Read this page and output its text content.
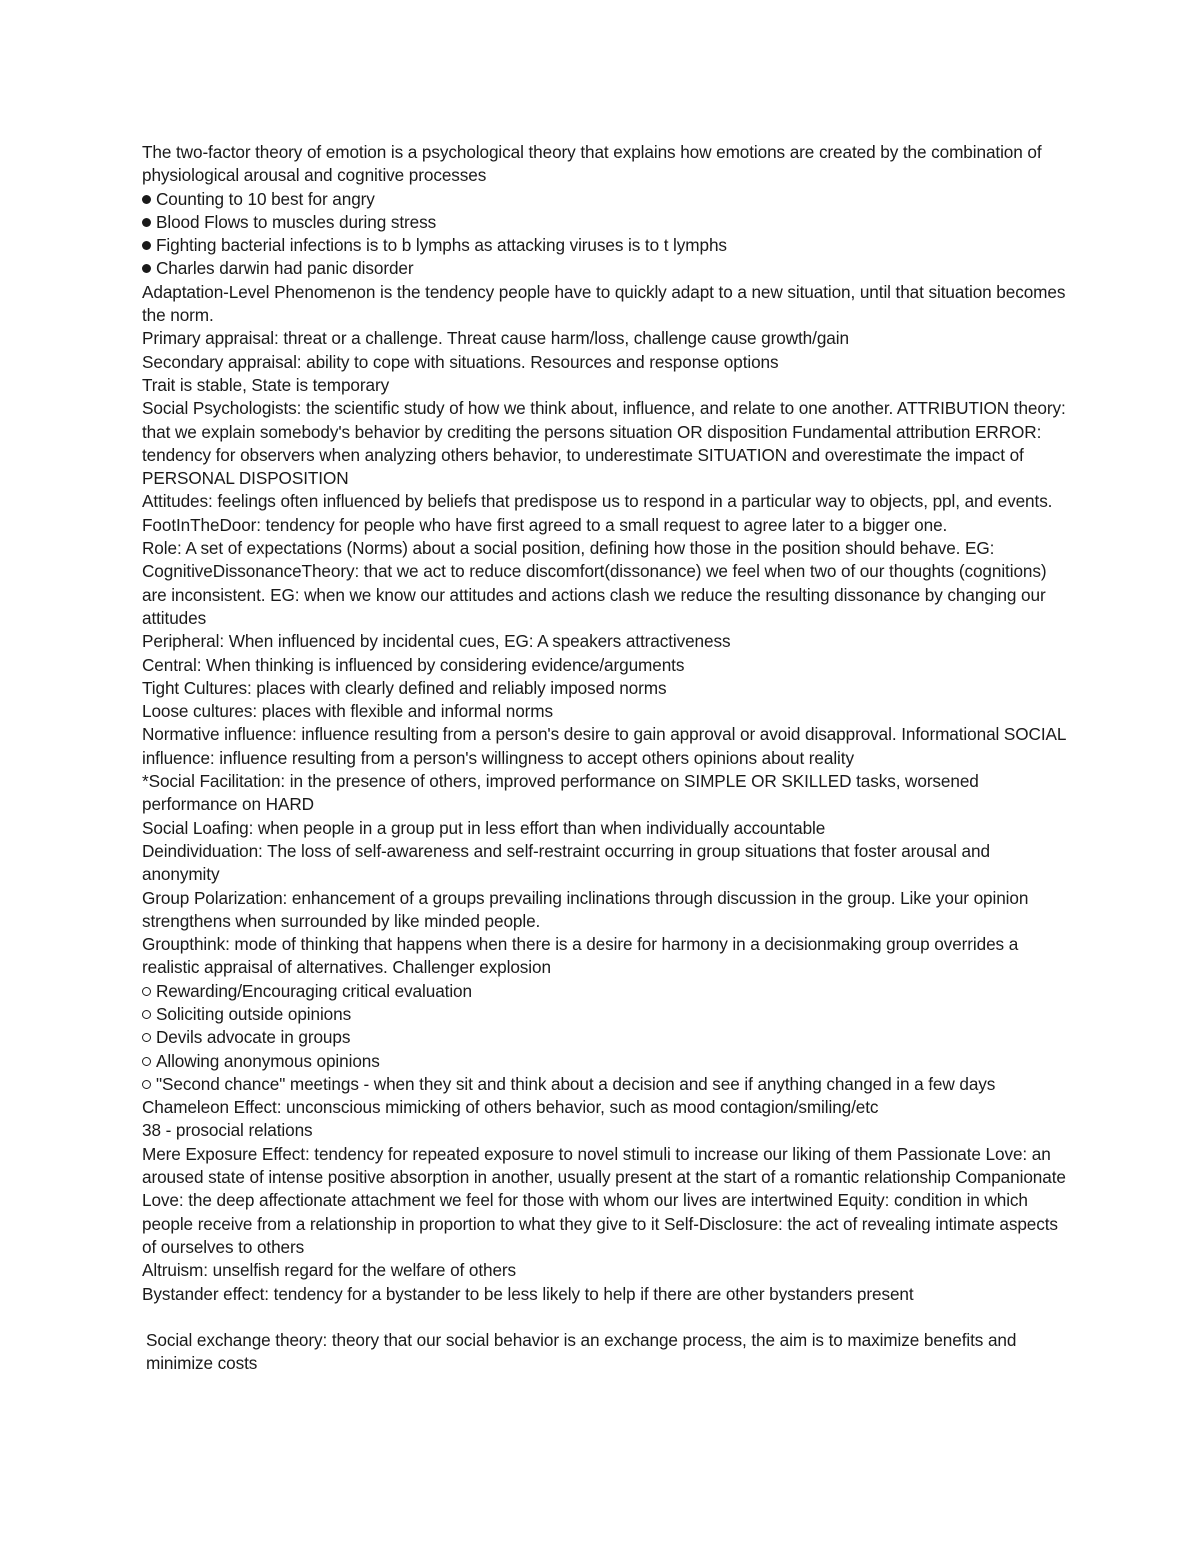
The two-factor theory of emotion is a psychological theory that explains how emotions are created by the combination of physiological arousal and cognitive processes

Counting to 10 best for angry

Blood Flows to muscles during stress

Fighting bacterial infections is to b lymphs as attacking viruses is to t lymphs

Charles darwin had panic disorder

Adaptation-Level Phenomenon is the tendency people have to quickly adapt to a new situation, until that situation becomes the norm.

Primary appraisal: threat or a challenge. Threat cause harm/loss, challenge cause growth/gain

Secondary appraisal: ability to cope with situations. Resources and response options

Trait is stable, State is temporary

Social Psychologists: the scientific study of how we think about, influence, and relate to one another. ATTRIBUTION theory: that we explain somebody's behavior by crediting the persons situation OR disposition Fundamental attribution ERROR: tendency for observers when analyzing others behavior, to underestimate SITUATION and overestimate the impact of PERSONAL DISPOSITION

Attitudes: feelings often influenced by beliefs that predispose us to respond in a particular way to objects, ppl, and events.

FootInTheDoor: tendency for people who have first agreed to a small request to agree later to a bigger one.

Role: A set of expectations (Norms) about a social position, defining how those in the position should behave. EG: CognitiveDissonanceTheory: that we act to reduce discomfort(dissonance) we feel when two of our thoughts (cognitions) are inconsistent. EG: when we know our attitudes and actions clash we reduce the resulting dissonance by changing our attitudes

Peripheral: When influenced by incidental cues, EG: A speakers attractiveness

Central: When thinking is influenced by considering evidence/arguments

Tight Cultures: places with clearly defined and reliably imposed norms

Loose cultures: places with flexible and informal norms

Normative influence: influence resulting from a person's desire to gain approval or avoid disapproval. Informational SOCIAL influence: influence resulting from a person's willingness to accept others opinions about reality

*Social Facilitation: in the presence of others, improved performance on SIMPLE OR SKILLED tasks, worsened performance on HARD

Social Loafing: when people in a group put in less effort than when individually accountable

Deindividuation: The loss of self-awareness and self-restraint occurring in group situations that foster arousal and anonymity

Group Polarization: enhancement of a groups prevailing inclinations through discussion in the group. Like your opinion strengthens when surrounded by like minded people.

Groupthink: mode of thinking that happens when there is a desire for harmony in a decisionmaking group overrides a realistic appraisal of alternatives. Challenger explosion

Rewarding/Encouraging critical evaluation

Soliciting outside opinions

Devils advocate in groups

Allowing anonymous opinions

"Second chance" meetings - when they sit and think about a decision and see if anything changed in a few days

Chameleon Effect: unconscious mimicking of others behavior, such as mood contagion/smiling/etc

38 - prosocial relations

Mere Exposure Effect: tendency for repeated exposure to novel stimuli to increase our liking of them Passionate Love: an aroused state of intense positive absorption in another, usually present at the start of a romantic relationship Companionate Love: the deep affectionate attachment we feel for those with whom our lives are intertwined Equity: condition in which people receive from a relationship in proportion to what they give to it Self-Disclosure: the act of revealing intimate aspects of ourselves to others

Altruism: unselfish regard for the welfare of others

Bystander effect: tendency for a bystander to be less likely to help if there are other bystanders present

Social exchange theory: theory that our social behavior is an exchange process, the aim is to maximize benefits and minimize costs
